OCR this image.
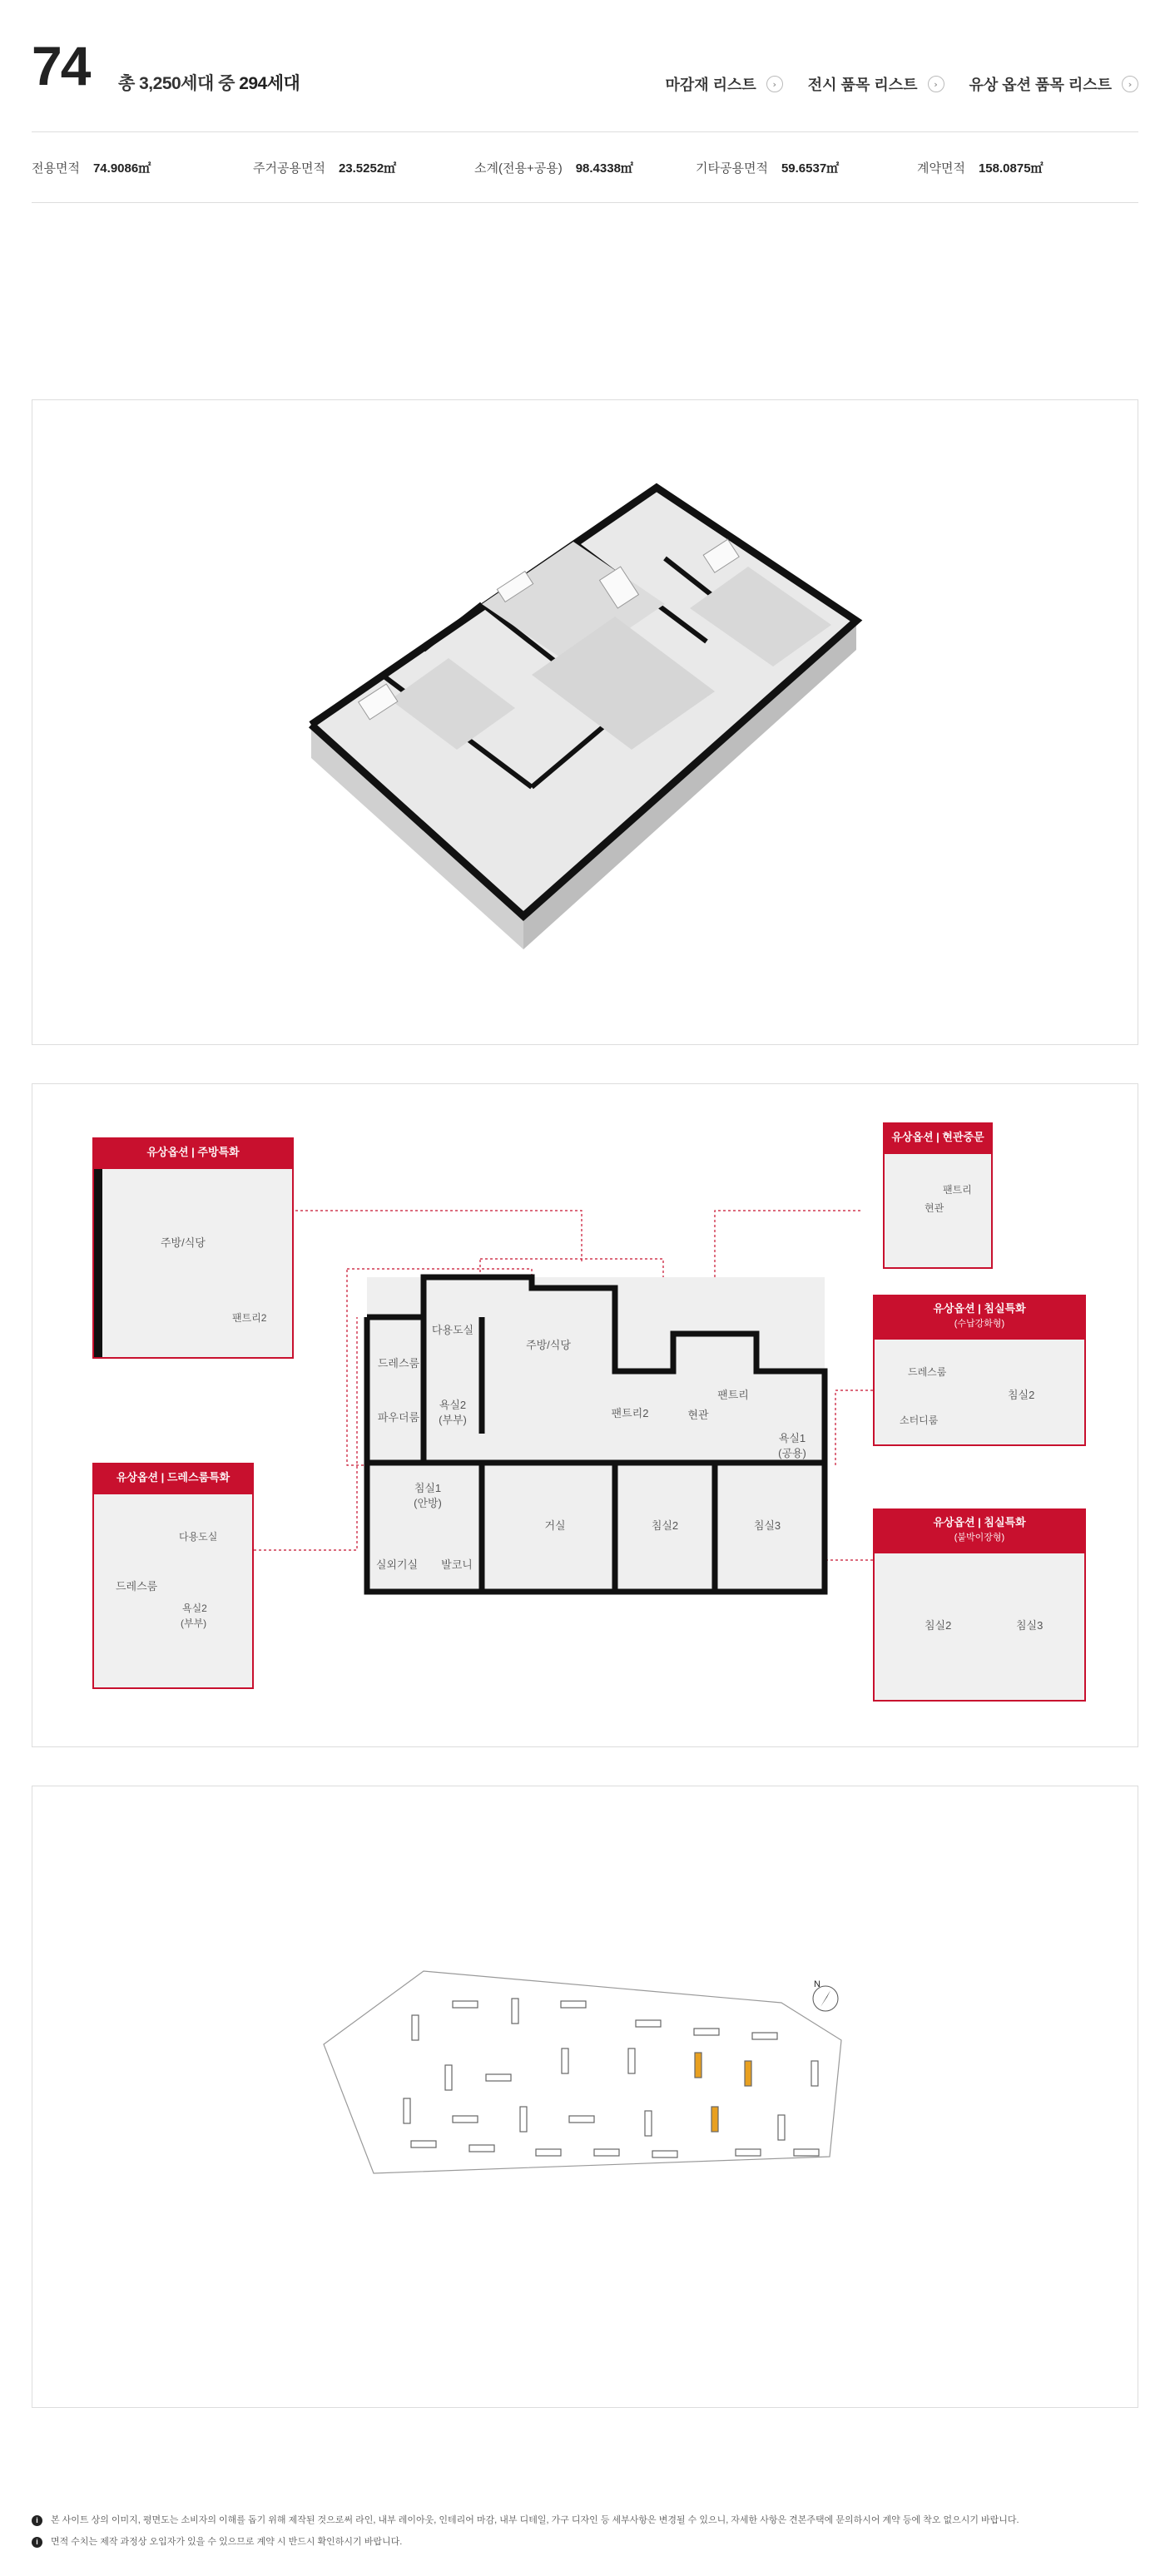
74 총 3,250세대 중 294세대	마감재 리스트	›	전시 품목 리스트	›	유상 옵션 품목 리스트	›
전용면적 74.9086㎡	주거공용면적 23.5252㎡	소계(전용+공용) 98.4338㎡	기타공용면적 59.6537㎡	계약면적 158.0875㎡
드레스룸
다용도실
주방/식당
파우더룸
욕실2
(부부)
팬트리2	현관
팬트리
욕실1
(공용)
침실1
(안방)
거실	침실2	침실3
실외기실 발코니
유상옵션 | 주방특화
주방/식당
팬트리2
유상옵션 | 현관중문
현관
팬트리
유상옵션 | 드레스룸특화
다용도실
드레스룸
욕실2
(부부)
유상옵션 | 침실특화
(수납강화형)
드레스룸
침실2
소터디룸
유상옵션 | 침실특화
(붙박이장형)
침실2	침실3
N
i	본 사이트 상의 이미지, 평면도는 소비자의 이해를 돕기 위해 제작된 것으로써 라인, 내부 레이아웃, 인테리어 마감, 내부 디테일, 가구 디자인 등 세부사항은 변경될 수 있으니, 자세한 사항은 견본주택에 문의하시어 계약 등에 착오 없으시기 바랍니다.
i	면적 수치는 제작 과정상 오입자가 있을 수 있으므로 계약 시 반드시 확인하시기 바랍니다.
